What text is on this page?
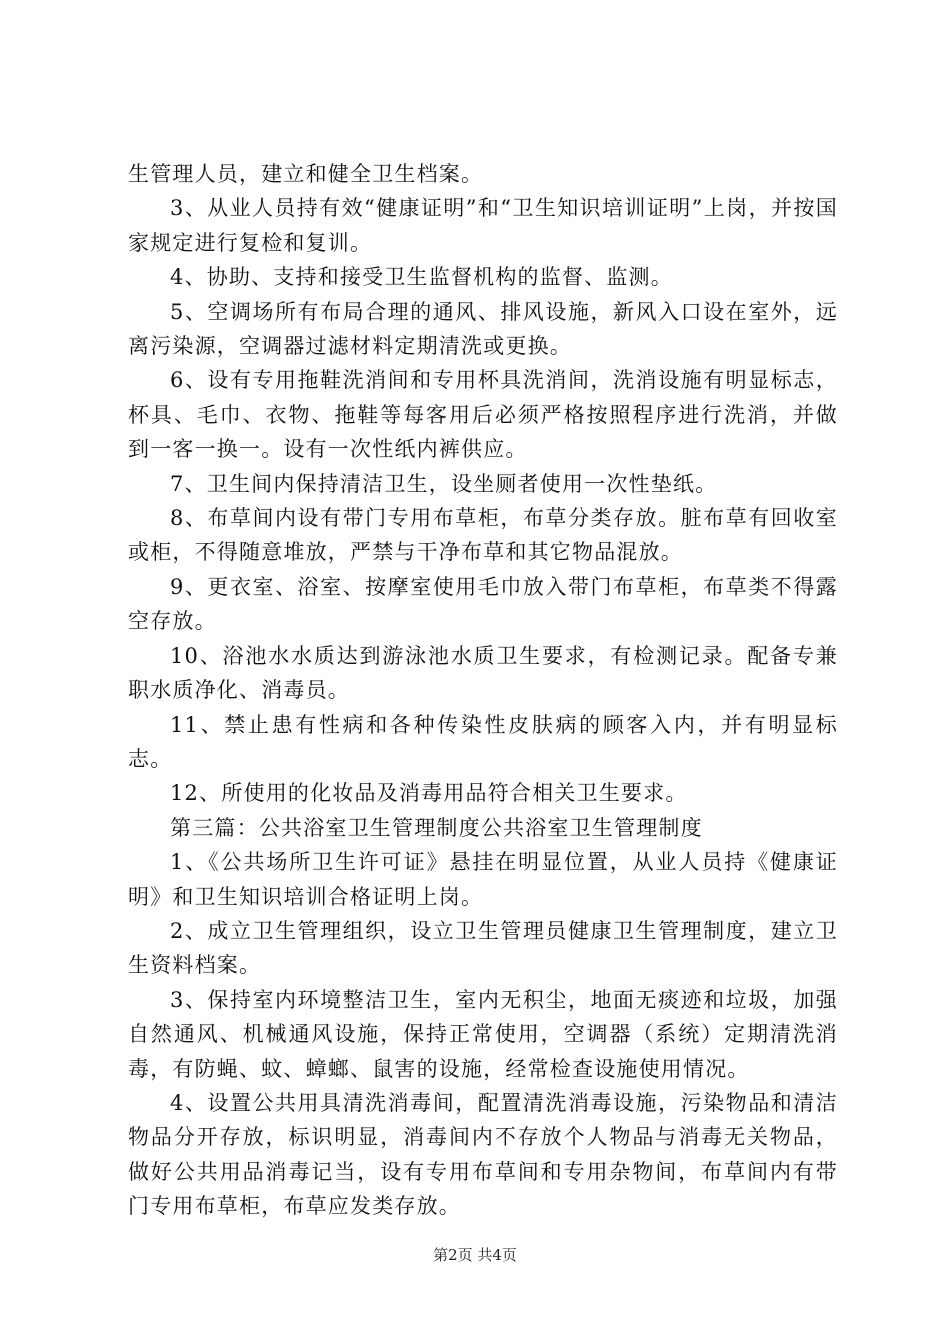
生管理人员，建立和健全卫生档案。

3、从业人员持有效“健康证明”和“卫生知识培训证明”上岗，并按国家规定进行复检和复训。

4、协助、支持和接受卫生监督机构的监督、监测。

5、空调场所有布局合理的通风、排风设施，新风入口设在室外，远离污染源，空调器过滤材料定期清洗或更换。

6、设有专用拖鞋洗消间和专用杯具洗消间，洗消设施有明显标志，杯具、毛巾、衣物、拖鞋等每客用后必须严格按照程序进行洗消，并做到一客一换一。设有一次性纸内裤供应。

7、卫生间内保持清洁卫生，设坐厕者使用一次性垫纸。

8、布草间内设有带门专用布草柜，布草分类存放。脏布草有回收室或柜，不得随意堆放，严禁与干净布草和其它物品混放。

9、更衣室、浴室、按摩室使用毛巾放入带门布草柜，布草类不得露空存放。

10、浴池水水质达到游泳池水质卫生要求，有检测记录。配备专兼职水质净化、消毒员。

11、禁止患有性病和各种传染性皮肤病的顾客入内，并有明显标志。

12、所使用的化妆品及消毒用品符合相关卫生要求。

第三篇：公共浴室卫生管理制度公共浴室卫生管理制度

1、《公共场所卫生许可证》悬挂在明显位置，从业人员持《健康证明》和卫生知识培训合格证明上岗。

2、成立卫生管理组织，设立卫生管理员健康卫生管理制度，建立卫生资料档案。

3、保持室内环境整洁卫生，室内无积尘，地面无痰迹和垃圾，加强自然通风、机械通风设施，保持正常使用，空调器（系统）定期清洗消毒，有防蝇、蚊、蟑螂、鼠害的设施，经常检查设施使用情况。

4、设置公共用具清洗消毒间，配置清洗消毒设施，污染物品和清洁物品分开存放，标识明显，消毒间内不存放个人物品与消毒无关物品，做好公共用品消毒记当，设有专用布草间和专用杂物间，布草间内有带门专用布草柜，布草应发类存放。

第2页 共4页
